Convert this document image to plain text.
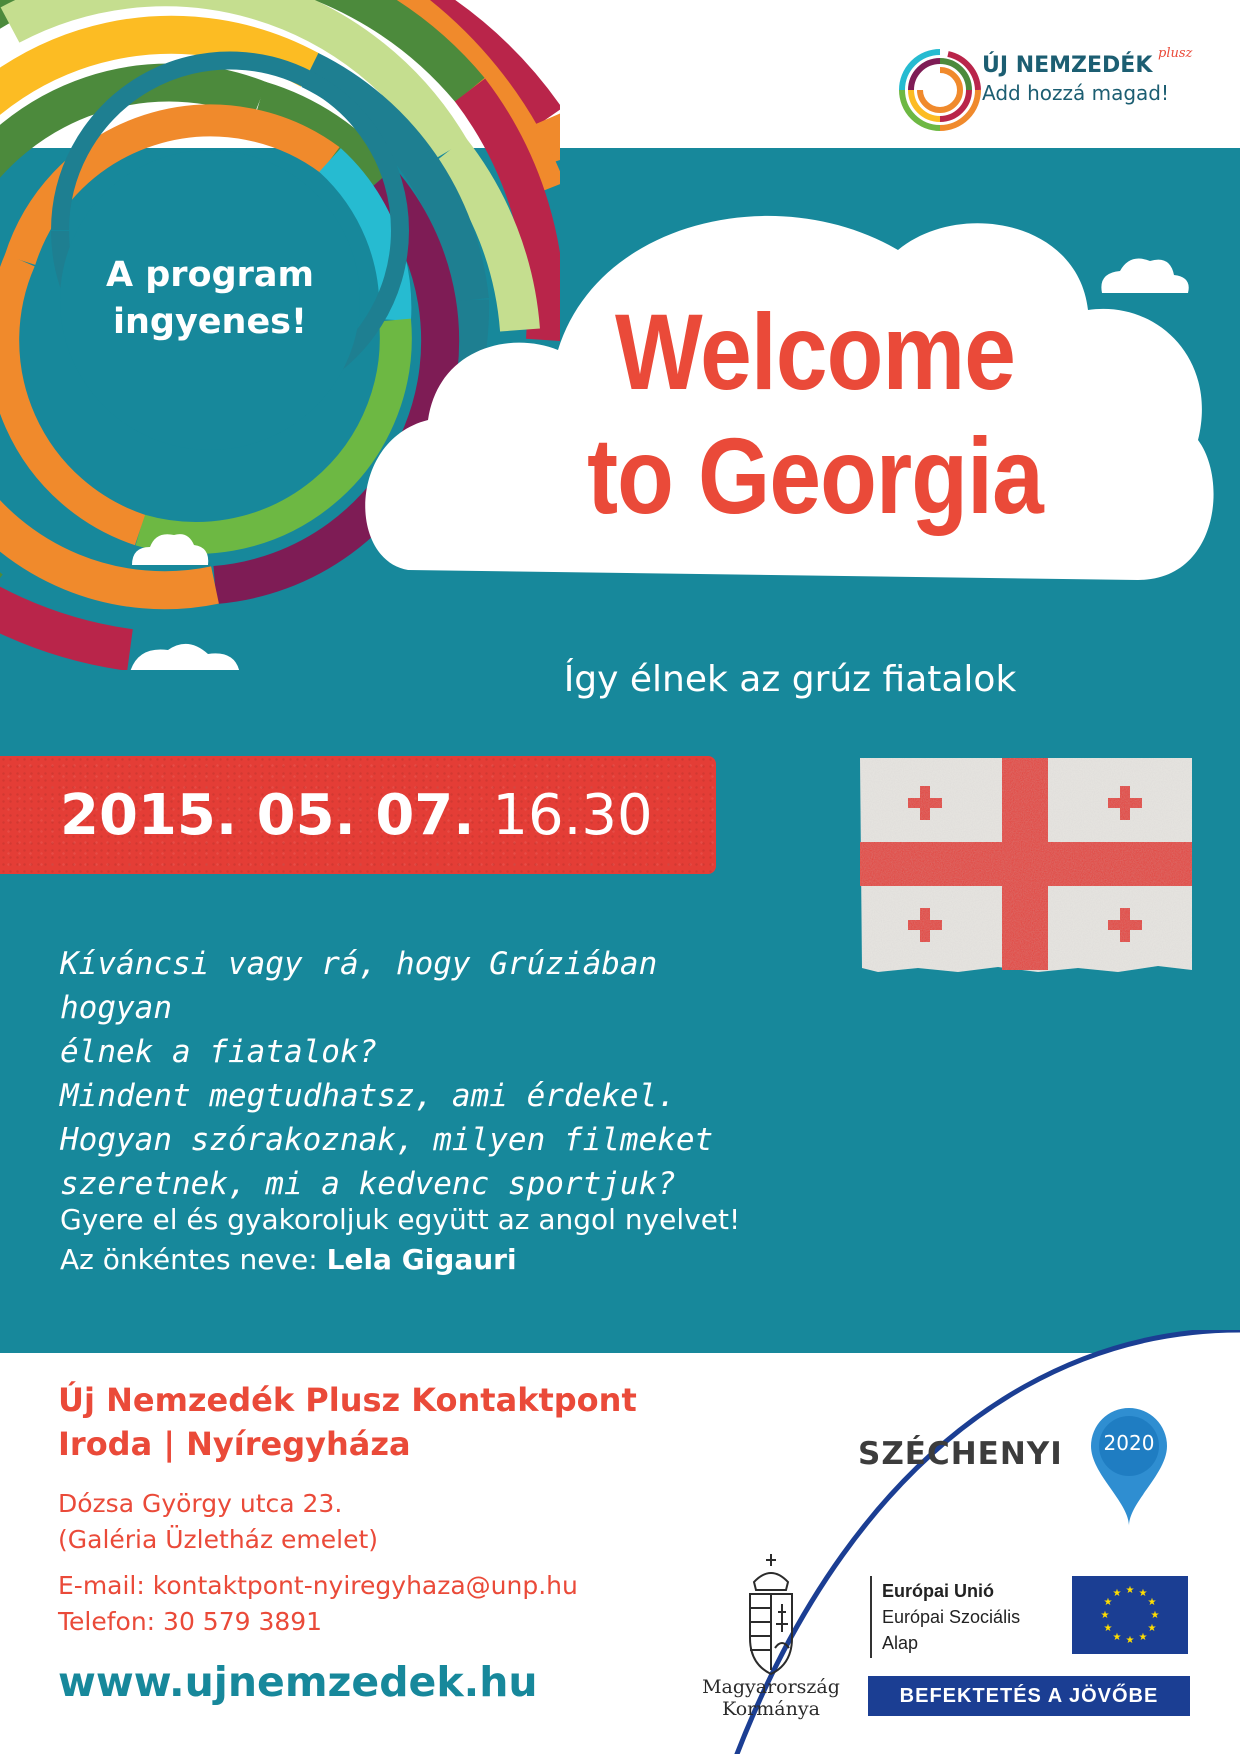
A program
ingyenes!	Welcome
to Georgia
Így élnek az grúz fiatalok
2015. 05. 07. 16.30
Kíváncsi vagy rá, hogy Grúziában hogyan
élnek a fiatalok?
Mindent megtudhatsz, ami érdekel.
Hogyan szórakoznak, milyen filmeket
szeretnek, mi a kedvenc sportjuk?
Gyere el és gyakoroljuk együtt az angol nyelvet!
Az önkéntes neve: Lela Gigauri
Új Nemzedék Plusz Kontaktpont
Iroda | Nyíregyháza
Dózsa György utca 23.
(Galéria Üzletház emelet)
E-mail: kontaktpont-nyiregyhaza@unp.hu
Telefon: 30 579 3891
www.ujnemzedek.hu
ÚJ NEMZEDÉK plusz
Add hozzá magad!
SZÉCHENYI	2020
Magyarország
Kormánya
Európai Unió
Európai Szociális
Alap
★ ★
★
★
★
★
★
★
★
★
★
★
BEFEKTETÉS A JÖVŐBE
